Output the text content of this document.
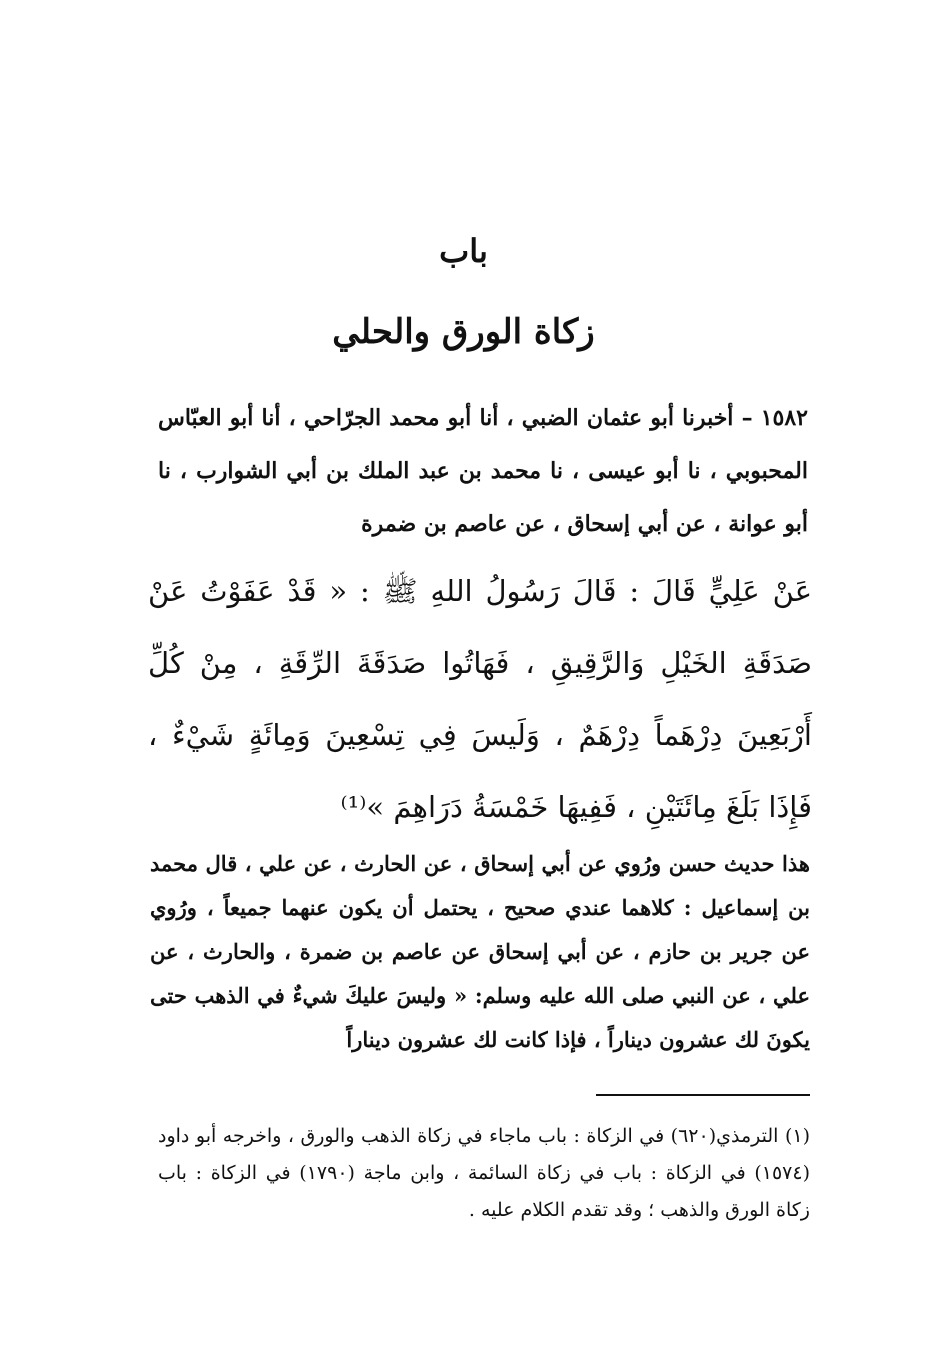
باب
زكاة الورق والحلي
١٥٨٢ – أخبرنا أبو عثمان الضبي ، أنا أبو محمد الجرّاحي ، أنا أبو العبّاس المحبوبي ، نا أبو عيسى ، نا محمد بن عبد الملك بن أبي الشوارب ، نا أبو عوانة ، عن أبي إسحاق ، عن عاصم بن ضمرة
عَنْ عَلِيٍّ قَالَ : قَالَ رَسُولُ اللهِ ﷺ : « قَدْ عَفَوْتُ عَنْ صَدَقَةِ الخَيْلِ وَالرَّقِيقِ ، فَهَاتُوا صَدَقَةَ الرِّقَةِ ، مِنْ كُلِّ أَرْبَعِينَ دِرْهَماً دِرْهَمٌ ، وَلَيسَ فِي تِسْعِينَ وَمِائَةٍ شَيْءٌ ، فَإِذَا بَلَغَ مِائَتَيْنِ ، فَفِيهَا خَمْسَةُ دَرَاهِمَ »⁽¹⁾
هذا حديث حسن ورُوي عن أبي إسحاق ، عن الحارث ، عن علي ، قال محمد بن إسماعيل : كلاهما عندي صحيح ، يحتمل أن يكون عنهما جميعاً ، ورُوي عن جرير بن حازم ، عن أبي إسحاق عن عاصم بن ضمرة ، والحارث ، عن علي ، عن النبي صلى الله عليه وسلم: « وليسَ عليكَ شيءٌ في الذهب حتى يكونَ لك عشرون ديناراً ، فإذا كانت لك عشرون ديناراً
(١) الترمذي(٦٢٠) في الزكاة : باب ماجاء في زكاة الذهب والورق ، واخرجه أبو داود (١٥٧٤) في الزكاة : باب في زكاة السائمة ، وابن ماجة (١٧٩٠) في الزكاة : باب زكاة الورق والذهب ؛ وقد تقدم الكلام عليه .
